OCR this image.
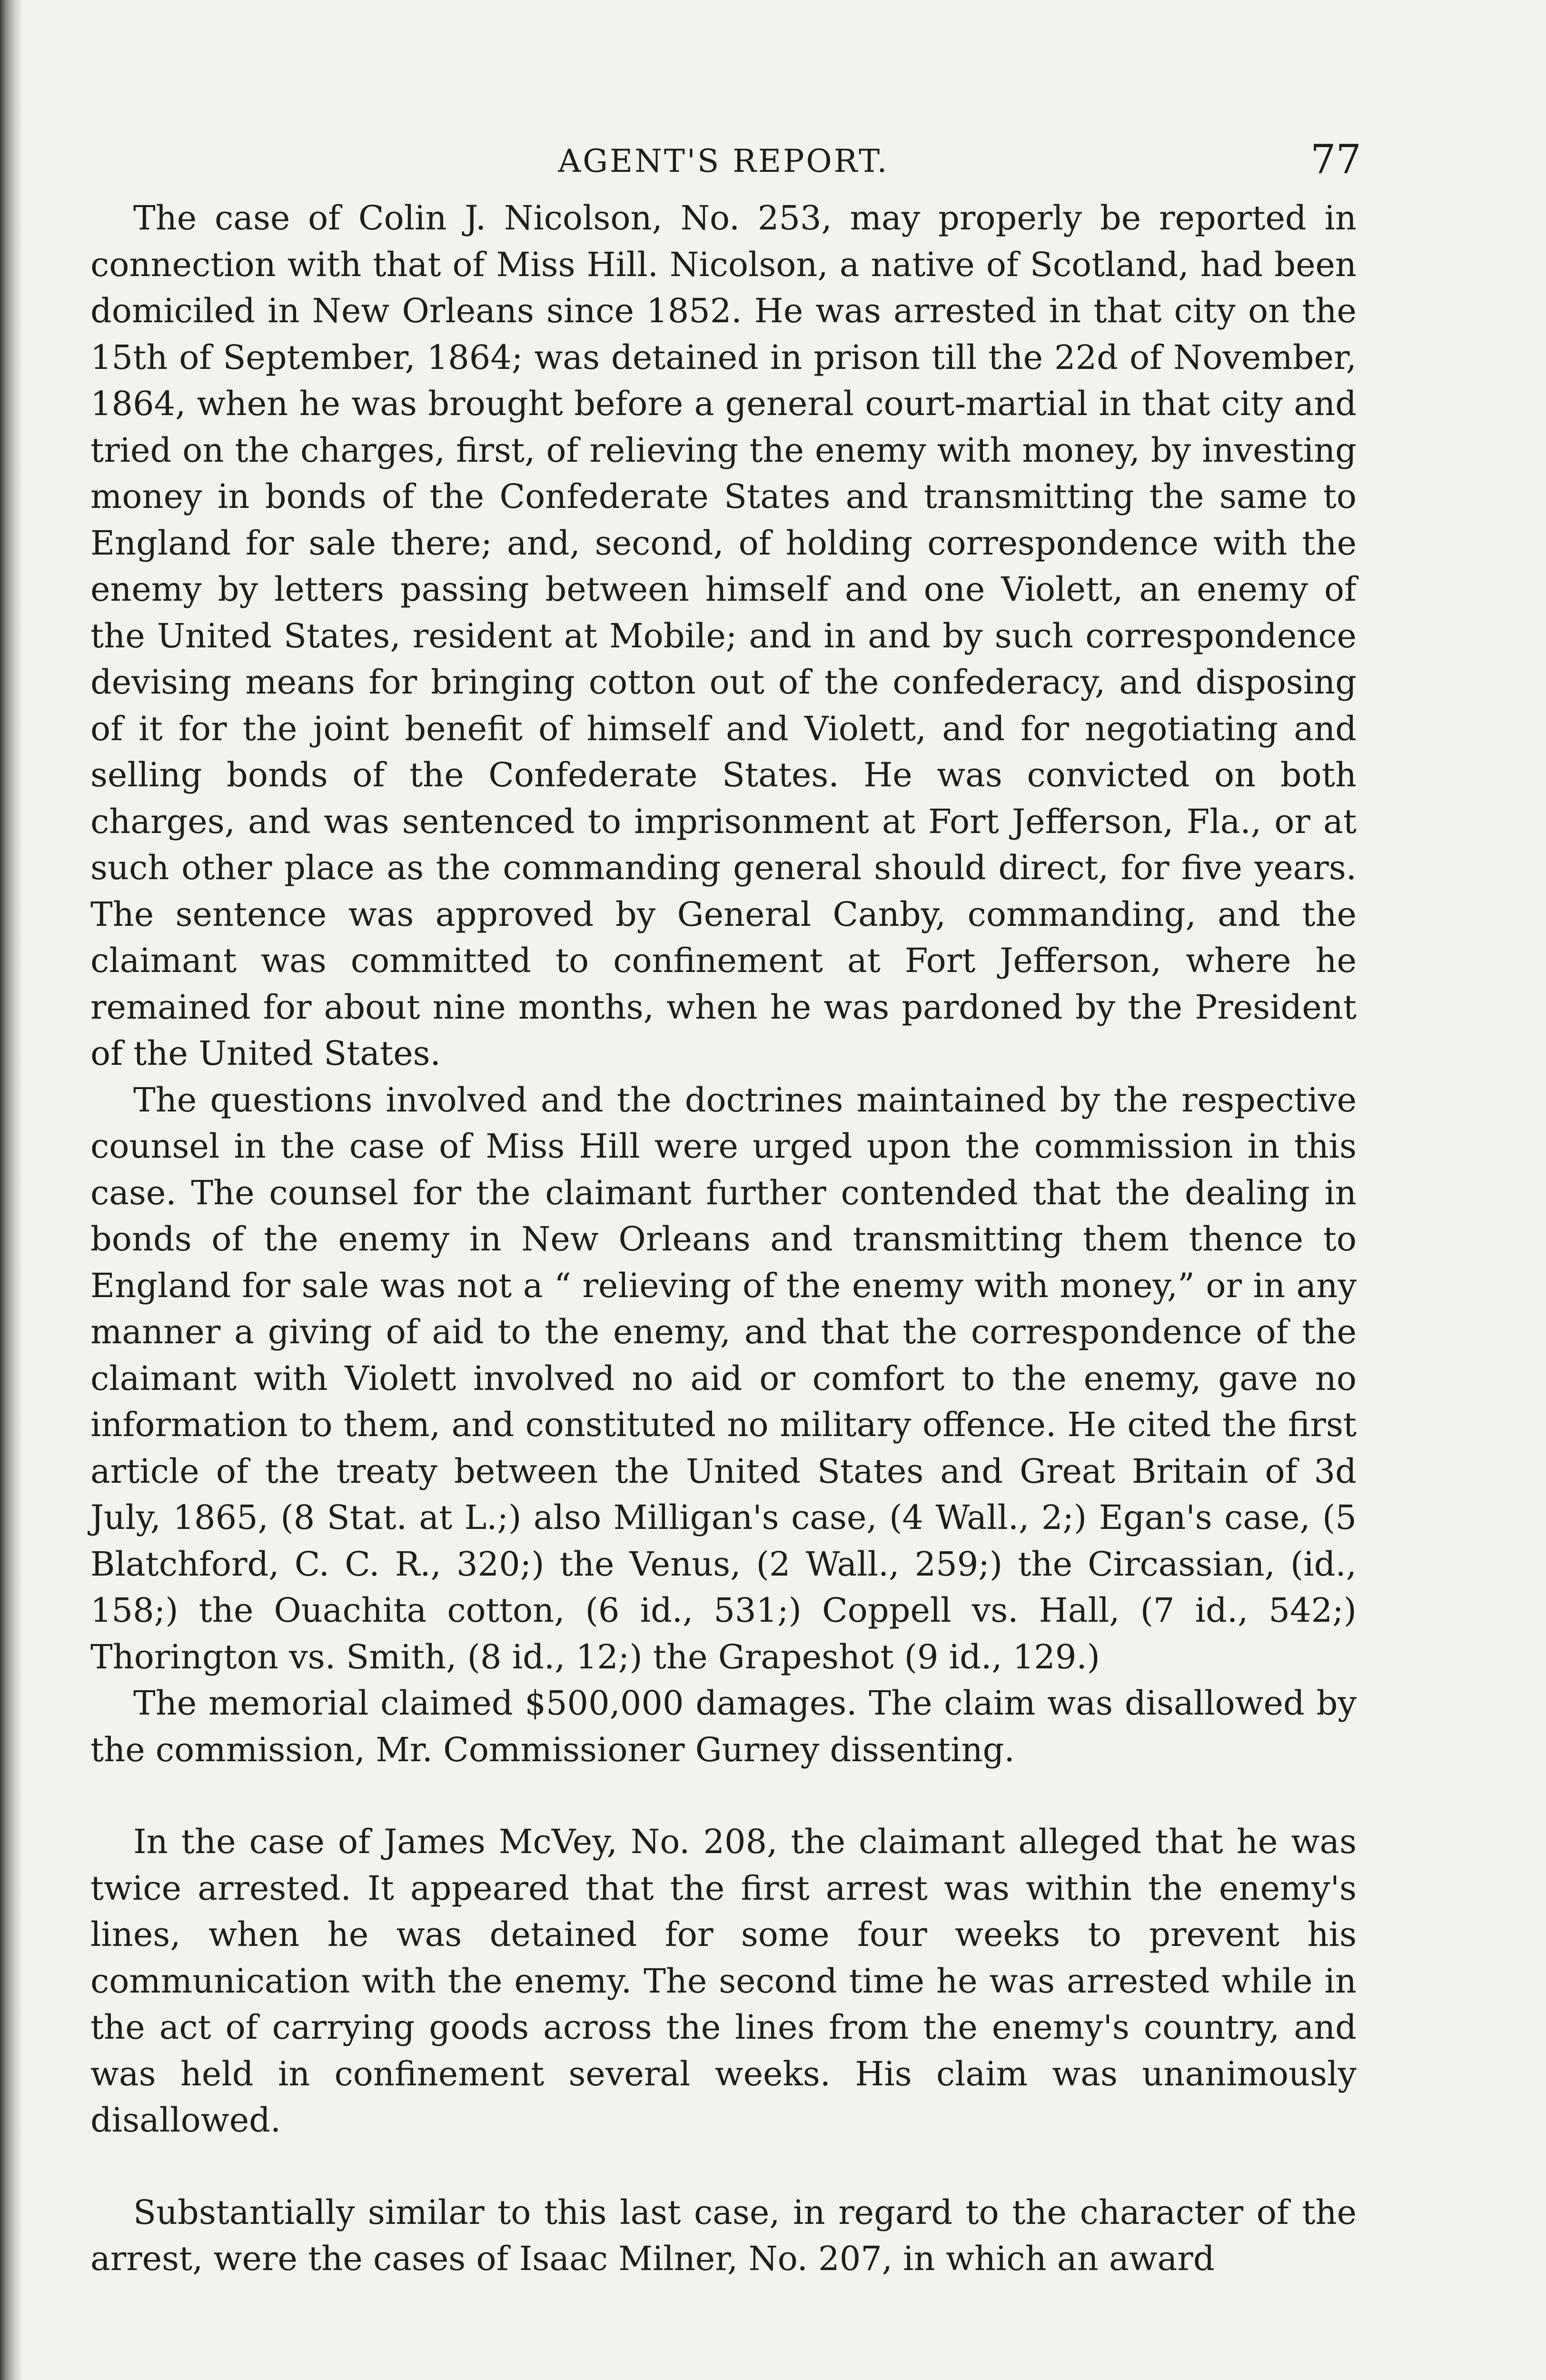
AGENT'S REPORT.	77

The case of Colin J. Nicolson, No. 253, may properly be reported in connection with that of Miss Hill. Nicolson, a native of Scotland, had been domiciled in New Orleans since 1852. He was arrested in that city on the 15th of September, 1864; was detained in prison till the 22d of November, 1864, when he was brought before a general court-martial in that city and tried on the charges, first, of relieving the enemy with money, by investing money in bonds of the Confederate States and transmitting the same to England for sale there; and, second, of holding correspondence with the enemy by letters passing between himself and one Violett, an enemy of the United States, resident at Mobile; and in and by such correspondence devising means for bringing cotton out of the confederacy, and disposing of it for the joint benefit of himself and Violett, and for negotiating and selling bonds of the Confederate States. He was convicted on both charges, and was sentenced to imprisonment at Fort Jefferson, Fla., or at such other place as the commanding general should direct, for five years. The sentence was approved by General Canby, commanding, and the claimant was committed to confinement at Fort Jefferson, where he remained for about nine months, when he was pardoned by the President of the United States.

The questions involved and the doctrines maintained by the respective counsel in the case of Miss Hill were urged upon the commission in this case. The counsel for the claimant further contended that the dealing in bonds of the enemy in New Orleans and transmitting them thence to England for sale was not a “ relieving of the enemy with money,” or in any manner a giving of aid to the enemy, and that the correspondence of the claimant with Violett involved no aid or comfort to the enemy, gave no information to them, and constituted no military offence. He cited the first article of the treaty between the United States and Great Britain of 3d July, 1865, (8 Stat. at L.;) also Milligan's case, (4 Wall., 2;) Egan's case, (5 Blatchford, C. C. R., 320;) the Venus, (2 Wall., 259;) the Circassian, (id., 158;) the Ouachita cotton, (6 id., 531;) Coppell vs. Hall, (7 id., 542;) Thorington vs. Smith, (8 id., 12;) the Grapeshot (9 id., 129.)

The memorial claimed $500,000 damages. The claim was disallowed by the commission, Mr. Commissioner Gurney dissenting.

In the case of James McVey, No. 208, the claimant alleged that he was twice arrested. It appeared that the first arrest was within the enemy's lines, when he was detained for some four weeks to prevent his communication with the enemy. The second time he was arrested while in the act of carrying goods across the lines from the enemy's country, and was held in confinement several weeks. His claim was unanimously disallowed.

Substantially similar to this last case, in regard to the character of the arrest, were the cases of Isaac Milner, No. 207, in which an award
